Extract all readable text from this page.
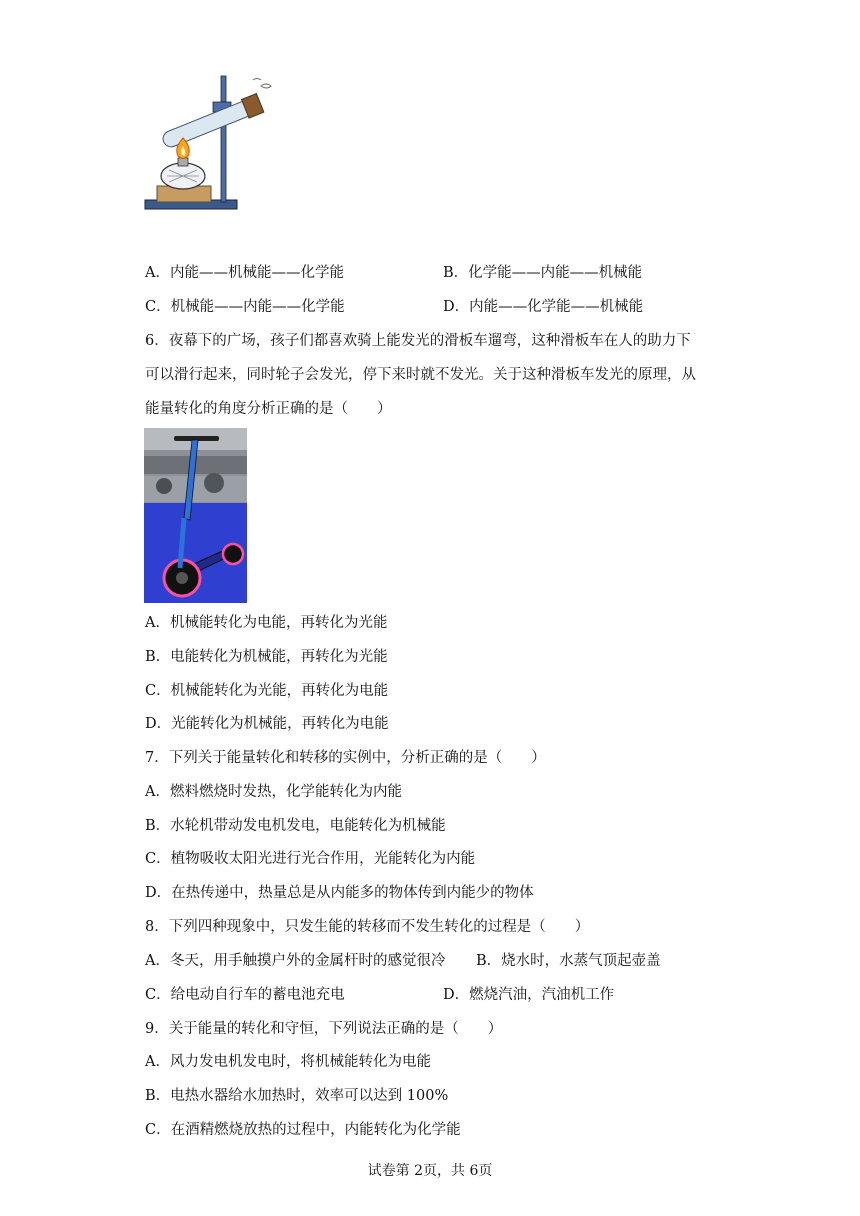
A．内能——机械能——化学能	B．化学能——内能——机械能
C．机械能——内能——化学能	D．内能——化学能——机械能
6．夜幕下的广场，孩子们都喜欢骑上能发光的滑板车遛弯，这种滑板车在人的助力下
可以滑行起来，同时轮子会发光，停下来时就不发光。关于这种滑板车发光的原理，从
能量转化的角度分析正确的是（　　）
A．机械能转化为电能，再转化为光能
B．电能转化为机械能，再转化为光能
C．机械能转化为光能，再转化为电能
D．光能转化为机械能，再转化为电能
7．下列关于能量转化和转移的实例中，分析正确的是（　　）
A．燃料燃烧时发热，化学能转化为内能
B．水轮机带动发电机发电，电能转化为机械能
C．植物吸收太阳光进行光合作用，光能转化为内能
D．在热传递中，热量总是从内能多的物体传到内能少的物体
8．下列四种现象中，只发生能的转移而不发生转化的过程是（　　）
A．冬天，用手触摸户外的金属杆时的感觉很冷 B．烧水时，水蒸气顶起壶盖
C．给电动自行车的蓄电池充电	D．燃烧汽油，汽油机工作
9．关于能量的转化和守恒，下列说法正确的是（　　）
A．风力发电机发电时，将机械能转化为电能
B．电热水器给水加热时，效率可以达到 100%
C．在酒精燃烧放热的过程中，内能转化为化学能
试卷第 2页，共 6页
